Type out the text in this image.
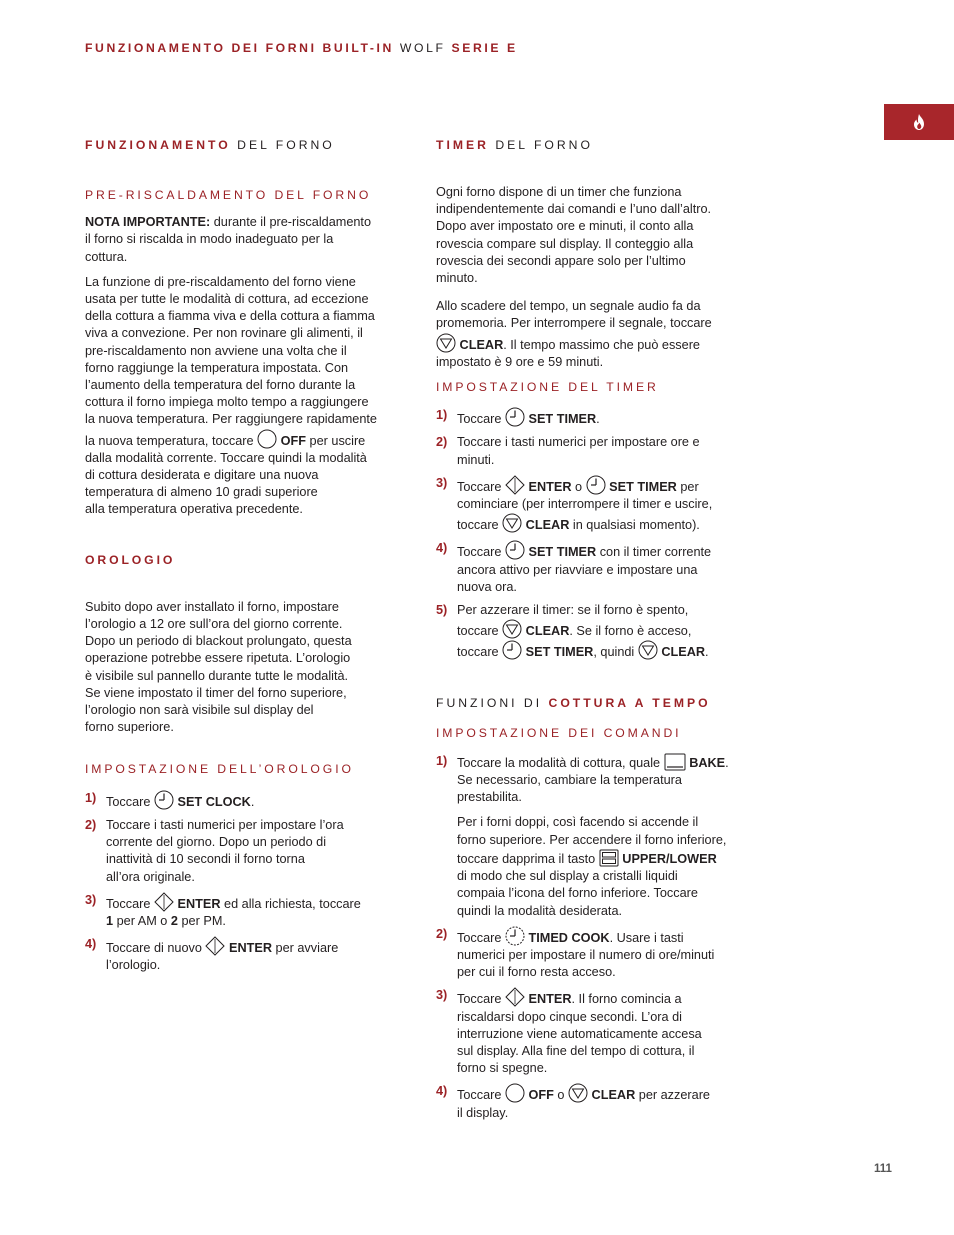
FUNZIONAMENTO DEI FORNI BUILT-IN WOLF SERIE E
FUNZIONAMENTO DEL FORNO
PRE-RISCALDAMENTO DEL FORNO

NOTA IMPORTANTE: durante il pre-riscaldamento
il forno si riscalda in modo inadeguato per la
cottura.

La funzione di pre-riscaldamento del forno viene
usata per tutte le modalità di cottura, ad eccezione
della cottura a fiamma viva e della cottura a fiamma
viva a convezione. Per non rovinare gli alimenti, il
pre-riscaldamento non avviene una volta che il
forno raggiunge la temperatura impostata. Con
l’aumento della temperatura del forno durante la
cottura il forno impiega molto tempo a raggiungere
la nuova temperatura. Per raggiungere rapidamente
la nuova temperatura, toccare OFF per uscire
dalla modalità corrente. Toccare quindi la modalità
di cottura desiderata e digitare una nuova
temperatura di almeno 10 gradi superiore
alla temperatura operativa precedente.

OROLOGIO

Subito dopo aver installato il forno, impostare
l’orologio a 12 ore sull’ora del giorno corrente.
Dopo un periodo di blackout prolungato, questa
operazione potrebbe essere ripetuta. L’orologio
è visibile sul pannello durante tutte le modalità.
Se viene impostato il timer del forno superiore,
l’orologio non sarà visibile sul display del
forno superiore.

IMPOSTAZIONE DELL’OROLOGIO
1) Toccare SET CLOCK.
2) Toccare i tasti numerici per impostare l’ora
corrente del giorno. Dopo un periodo di
inattività di 10 secondi il forno torna
all’ora originale.
3) Toccare ENTER ed alla richiesta, toccare
1 per AM o 2 per PM.
4) Toccare di nuovo ENTER per avviare
l’orologio.
TIMER DEL FORNO

Ogni forno dispone di un timer che funziona
indipendentemente dai comandi e l’uno dall’altro.
Dopo aver impostato ore e minuti, il conto alla
rovescia compare sul display. Il conteggio alla
rovescia dei secondi appare solo per l’ultimo
minuto.

Allo scadere del tempo, un segnale audio fa da
promemoria. Per interrompere il segnale, toccare

CLEAR. Il tempo massimo che può essere
impostato è 9 ore e 59 minuti.

IMPOSTAZIONE DEL TIMER
1) Toccare SET TIMER.
2) Toccare i tasti numerici per impostare ore e
minuti.
3) Toccare ENTER o SET TIMER per
cominciare (per interrompere il timer e uscire,
toccare CLEAR in qualsiasi momento).
4) Toccare SET TIMER con il timer corrente
ancora attivo per riavviare e impostare una
nuova ora.
5) Per azzerare il timer: se il forno è spento,
toccare CLEAR. Se il forno è acceso,
toccare SET TIMER, quindi CLEAR.
FUNZIONI DI COTTURA A TEMPO
IMPOSTAZIONE DEI COMANDI
1) Toccare la modalità di cottura, quale BAKE.
Se necessario, cambiare la temperatura
prestabilita.

Per i forni doppi, così facendo si accende il
forno superiore. Per accendere il forno inferiore,
toccare dapprima il tasto UPPER/LOWER
di modo che sul display a cristalli liquidi
compaia l’icona del forno inferiore. Toccare
quindi la modalità desiderata.

2) Toccare TIMED COOK. Usare i tasti
numerici per impostare il numero di ore/minuti
per cui il forno resta acceso.
3) Toccare ENTER. Il forno comincia a
riscaldarsi dopo cinque secondi. L’ora di
interruzione viene automaticamente accesa
sul display. Alla fine del tempo di cottura, il
forno si spegne.
4) Toccare OFF o CLEAR per azzerare
il display.
111
